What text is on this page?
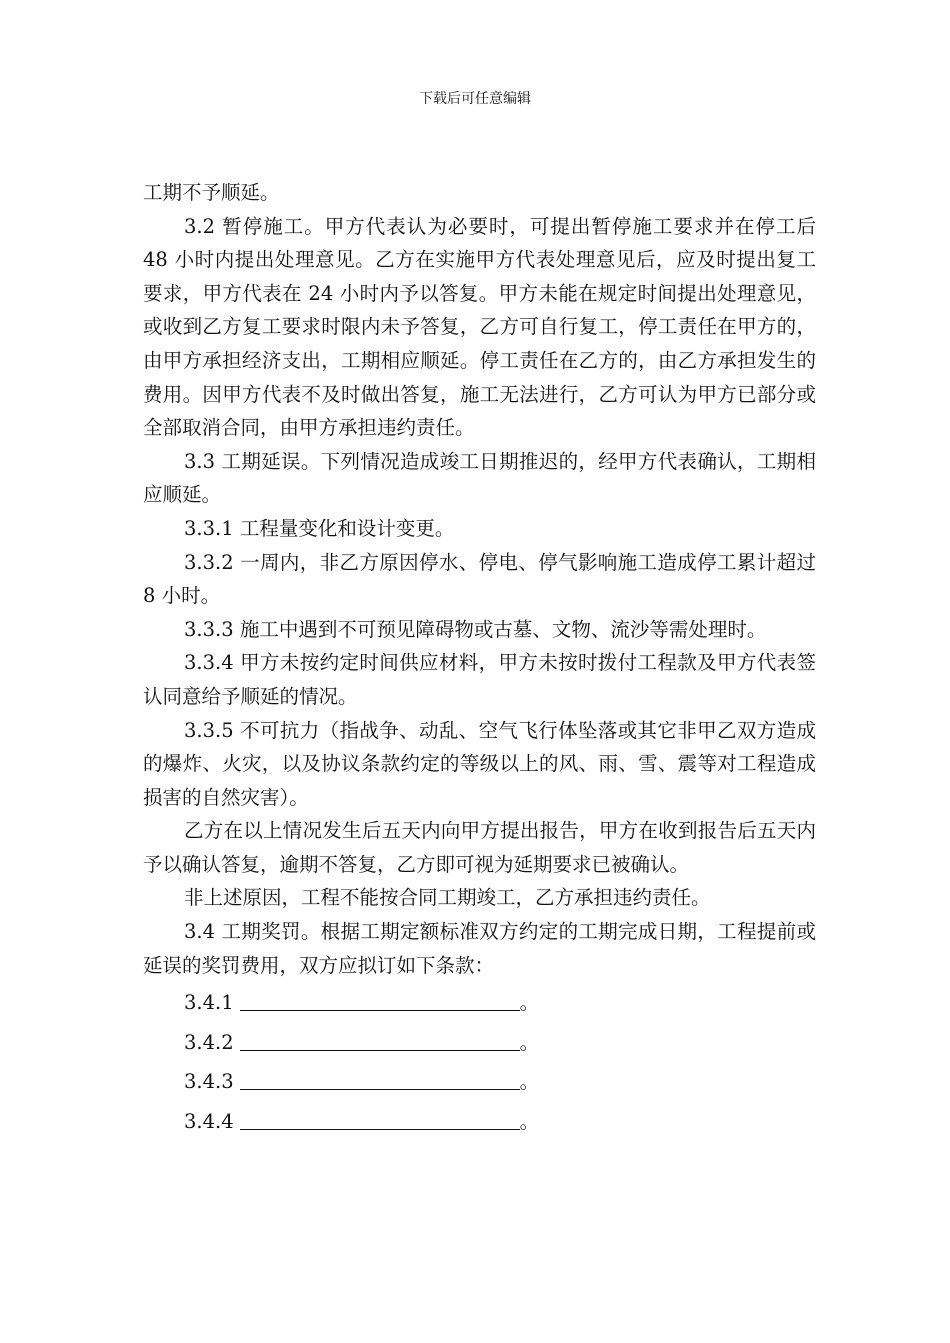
下载后可任意编辑

工期不予顺延。

3.2 暂停施工。甲方代表认为必要时，可提出暂停施工要求并在停工后 48 小时内提出处理意见。乙方在实施甲方代表处理意见后，应及时提出复工要求，甲方代表在 24 小时内予以答复。甲方未能在规定时间提出处理意见，或收到乙方复工要求时限内未予答复，乙方可自行复工，停工责任在甲方的，由甲方承担经济支出，工期相应顺延。停工责任在乙方的，由乙方承担发生的费用。因甲方代表不及时做出答复，施工无法进行，乙方可认为甲方已部分或全部取消合同，由甲方承担违约责任。

3.3 工期延误。下列情况造成竣工日期推迟的，经甲方代表确认，工期相应顺延。

3.3.1 工程量变化和设计变更。

3.3.2 一周内，非乙方原因停水、停电、停气影响施工造成停工累计超过 8 小时。

3.3.3 施工中遇到不可预见障碍物或古墓、文物、流沙等需处理时。

3.3.4 甲方未按约定时间供应材料，甲方未按时拨付工程款及甲方代表签认同意给予顺延的情况。

3.3.5 不可抗力（指战争、动乱、空气飞行体坠落或其它非甲乙双方造成的爆炸、火灾，以及协议条款约定的等级以上的风、雨、雪、震等对工程造成损害的自然灾害）。

乙方在以上情况发生后五天内向甲方提出报告，甲方在收到报告后五天内予以确认答复，逾期不答复，乙方即可视为延期要求已被确认。

非上述原因，工程不能按合同工期竣工，乙方承担违约责任。

3.4 工期奖罚。根据工期定额标准双方约定的工期完成日期，工程提前或延误的奖罚费用，双方应拟订如下条款：

3.4.1	。

3.4.2	。

3.4.3	。

3.4.4	。
